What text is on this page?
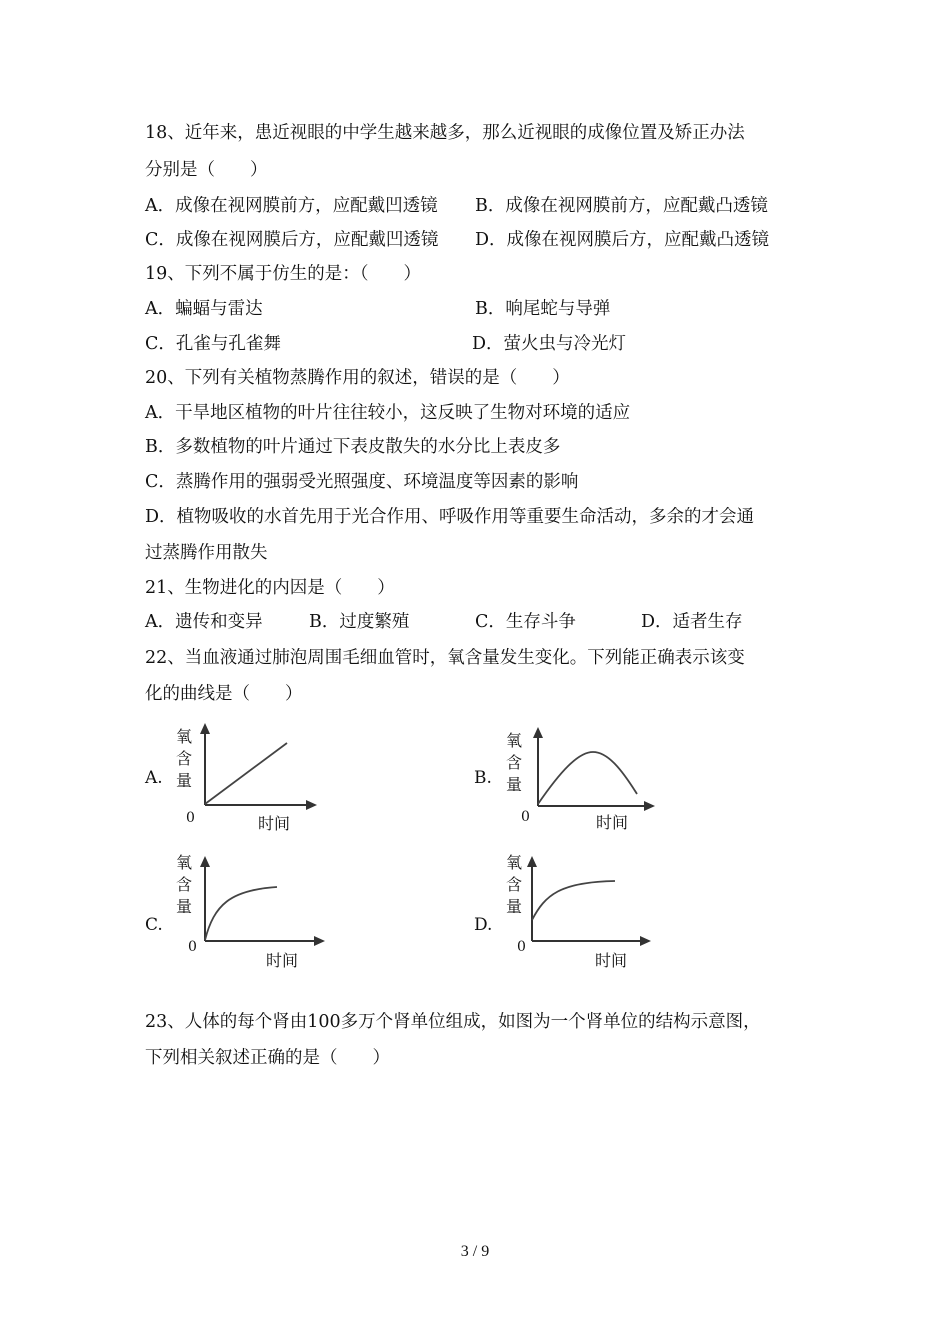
18、近年来，患近视眼的中学生越来越多，那么近视眼的成像位置及矫正办法
分别是（　　）
A．成像在视网膜前方，应配戴凹透镜 B．成像在视网膜前方，应配戴凸透镜
C．成像在视网膜后方，应配戴凹透镜 D．成像在视网膜后方，应配戴凸透镜
19、下列不属于仿生的是：（　　）
A．蝙蝠与雷达	B．响尾蛇与导弹
C．孔雀与孔雀舞	D．萤火虫与冷光灯
20、下列有关植物蒸腾作用的叙述，错误的是（　　）
A．干旱地区植物的叶片往往较小，这反映了生物对环境的适应
B．多数植物的叶片通过下表皮散失的水分比上表皮多
C．蒸腾作用的强弱受光照强度、环境温度等因素的影响
D．植物吸收的水首先用于光合作用、呼吸作用等重要生命活动，多余的才会通
过蒸腾作用散失
21、生物进化的内因是（　　）
A．遗传和变异	B．过度繁殖	C．生存斗争	D．适者生存
22、当血液通过肺泡周围毛细血管时，氧含量发生变化。下列能正确表示该变
化的曲线是（　　）
A.
氧
含
量
0	时间
B.
氧
含
量
0	时间
C.
氧
含
量
0
时间
D.
氧
含
量
0
时间
23、人体的每个肾由100多万个肾单位组成，如图为一个肾单位的结构示意图，
下列相关叙述正确的是（　　）
3 / 9
